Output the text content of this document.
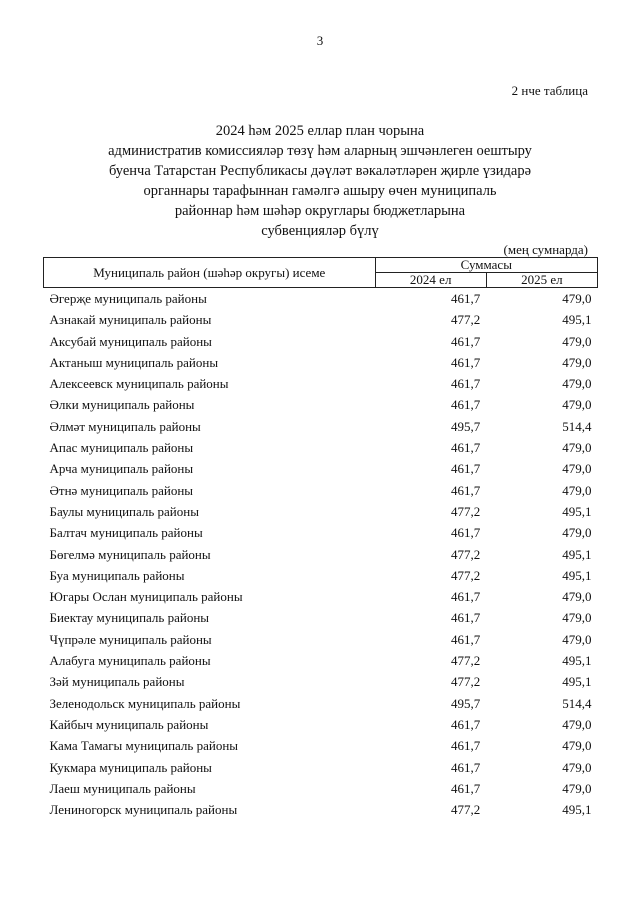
3
2 нче таблица
2024 һәм 2025 еллар план чорына
административ комиссияләр төзү һәм аларның эшчәнлеген оештыру
буенча Татарстан Республикасы дәүләт вәкаләтләрен җирле үзидарә
органнары тарафыннан гамәлгә ашыру өчен муниципаль
районнар һәм шәһәр округлары бюджетларына
субвенцияләр бүлү
(мең сумнарда)
Муниципаль район (шәһәр округы) исеме	Суммасы	
	2024 ел	2025 ел
Әгерҗе муниципаль районы	461,7	479,0
Азнакай муниципаль районы	477,2	495,1
Аксубай муниципаль районы	461,7	479,0
Актаныш муниципаль районы	461,7	479,0
Алексеевск муниципаль районы	461,7	479,0
Әлки муниципаль районы	461,7	479,0
Әлмәт муниципаль районы	495,7	514,4
Апас муниципаль районы	461,7	479,0
Арча муниципаль районы	461,7	479,0
Әтнә муниципаль районы	461,7	479,0
Баулы муниципаль районы	477,2	495,1
Балтач муниципаль районы	461,7	479,0
Бөгелмә муниципаль районы	477,2	495,1
Буа муниципаль районы	477,2	495,1
Югары Ослан муниципаль районы	461,7	479,0
Биектау муниципаль районы	461,7	479,0
Чүпрәле муниципаль районы	461,7	479,0
Алабуга муниципаль районы	477,2	495,1
Зәй муниципаль районы	477,2	495,1
Зеленодольск муниципаль районы	495,7	514,4
Кайбыч муниципаль районы	461,7	479,0
Кама Тамагы муниципаль районы	461,7	479,0
Кукмара муниципаль районы	461,7	479,0
Лаеш муниципаль районы	461,7	479,0
Лениногорск муниципаль районы	477,2	495,1
